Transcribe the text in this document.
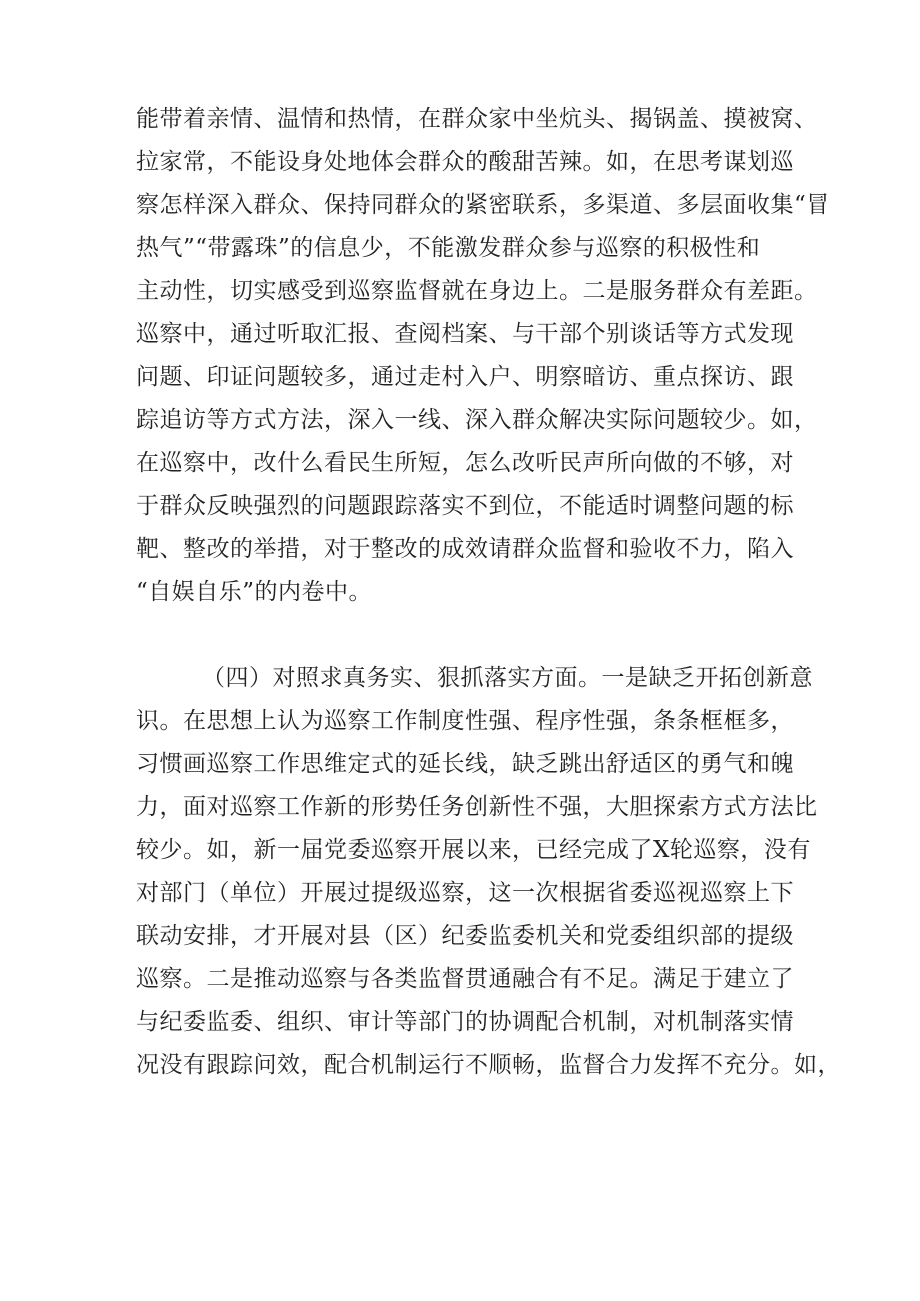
能带着亲情、温情和热情，在群众家中坐炕头、揭锅盖、摸被窝、
拉家常，不能设身处地体会群众的酸甜苦辣。如，在思考谋划巡
察怎样深入群众、保持同群众的紧密联系，多渠道、多层面收集“冒
热气”“带露珠”的信息少，不能激发群众参与巡察的积极性和
主动性，切实感受到巡察监督就在身边上。二是服务群众有差距。
巡察中，通过听取汇报、查阅档案、与干部个别谈话等方式发现
问题、印证问题较多，通过走村入户、明察暗访、重点探访、跟
踪追访等方式方法，深入一线、深入群众解决实际问题较少。如，
在巡察中，改什么看民生所短，怎么改听民声所向做的不够，对
于群众反映强烈的问题跟踪落实不到位，不能适时调整问题的标
靶、整改的举措，对于整改的成效请群众监督和验收不力，陷入
“自娱自乐”的内卷中。
（四）对照求真务实、狠抓落实方面。一是缺乏开拓创新意
识。在思想上认为巡察工作制度性强、程序性强，条条框框多，
习惯画巡察工作思维定式的延长线，缺乏跳出舒适区的勇气和魄
力，面对巡察工作新的形势任务创新性不强，大胆探索方式方法比
较少。如，新一届党委巡察开展以来，已经完成了X轮巡察，没有
对部门（单位）开展过提级巡察，这一次根据省委巡视巡察上下
联动安排，才开展对县（区）纪委监委机关和党委组织部的提级
巡察。二是推动巡察与各类监督贯通融合有不足。满足于建立了
与纪委监委、组织、审计等部门的协调配合机制，对机制落实情
况没有跟踪问效，配合机制运行不顺畅，监督合力发挥不充分。如，
